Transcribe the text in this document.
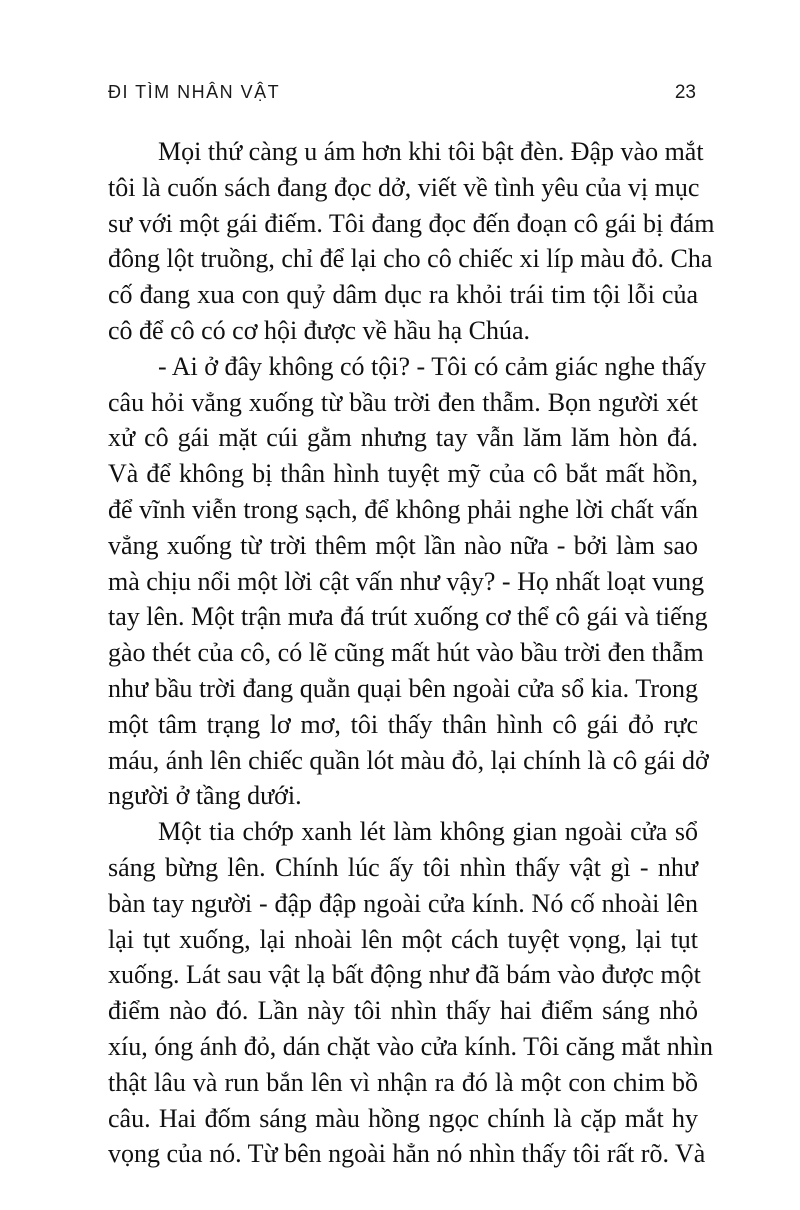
ĐI TÌM NHÂN VẬT	23
Mọi thứ càng u ám hơn khi tôi bật đèn. Đập vào mắt
tôi là cuốn sách đang đọc dở, viết về tình yêu của vị mục
sư với một gái điếm. Tôi đang đọc đến đoạn cô gái bị đám
đông lột truồng, chỉ để lại cho cô chiếc xi líp màu đỏ. Cha
cố đang xua con quỷ dâm dục ra khỏi trái tim tội lỗi của
cô để cô có cơ hội được về hầu hạ Chúa.
- Ai ở đây không có tội? - Tôi có cảm giác nghe thấy
câu hỏi vẳng xuống từ bầu trời đen thẫm. Bọn người xét
xử cô gái mặt cúi gằm nhưng tay vẫn lăm lăm hòn đá.
Và để không bị thân hình tuyệt mỹ của cô bắt mất hồn,
để vĩnh viễn trong sạch, để không phải nghe lời chất vấn
vẳng xuống từ trời thêm một lần nào nữa - bởi làm sao
mà chịu nổi một lời cật vấn như vậy? - Họ nhất loạt vung
tay lên. Một trận mưa đá trút xuống cơ thể cô gái và tiếng
gào thét của cô, có lẽ cũng mất hút vào bầu trời đen thẫm
như bầu trời đang quằn quại bên ngoài cửa sổ kia. Trong
một tâm trạng lơ mơ, tôi thấy thân hình cô gái đỏ rực
máu, ánh lên chiếc quần lót màu đỏ, lại chính là cô gái dở
người ở tầng dưới.
Một tia chớp xanh lét làm không gian ngoài cửa sổ
sáng bừng lên. Chính lúc ấy tôi nhìn thấy vật gì - như
bàn tay người - đập đập ngoài cửa kính. Nó cố nhoài lên
lại tụt xuống, lại nhoài lên một cách tuyệt vọng, lại tụt
xuống. Lát sau vật lạ bất động như đã bám vào được một
điểm nào đó. Lần này tôi nhìn thấy hai điểm sáng nhỏ
xíu, óng ánh đỏ, dán chặt vào cửa kính. Tôi căng mắt nhìn
thật lâu và run bắn lên vì nhận ra đó là một con chim bồ
câu. Hai đốm sáng màu hồng ngọc chính là cặp mắt hy
vọng của nó. Từ bên ngoài hẳn nó nhìn thấy tôi rất rõ. Và
